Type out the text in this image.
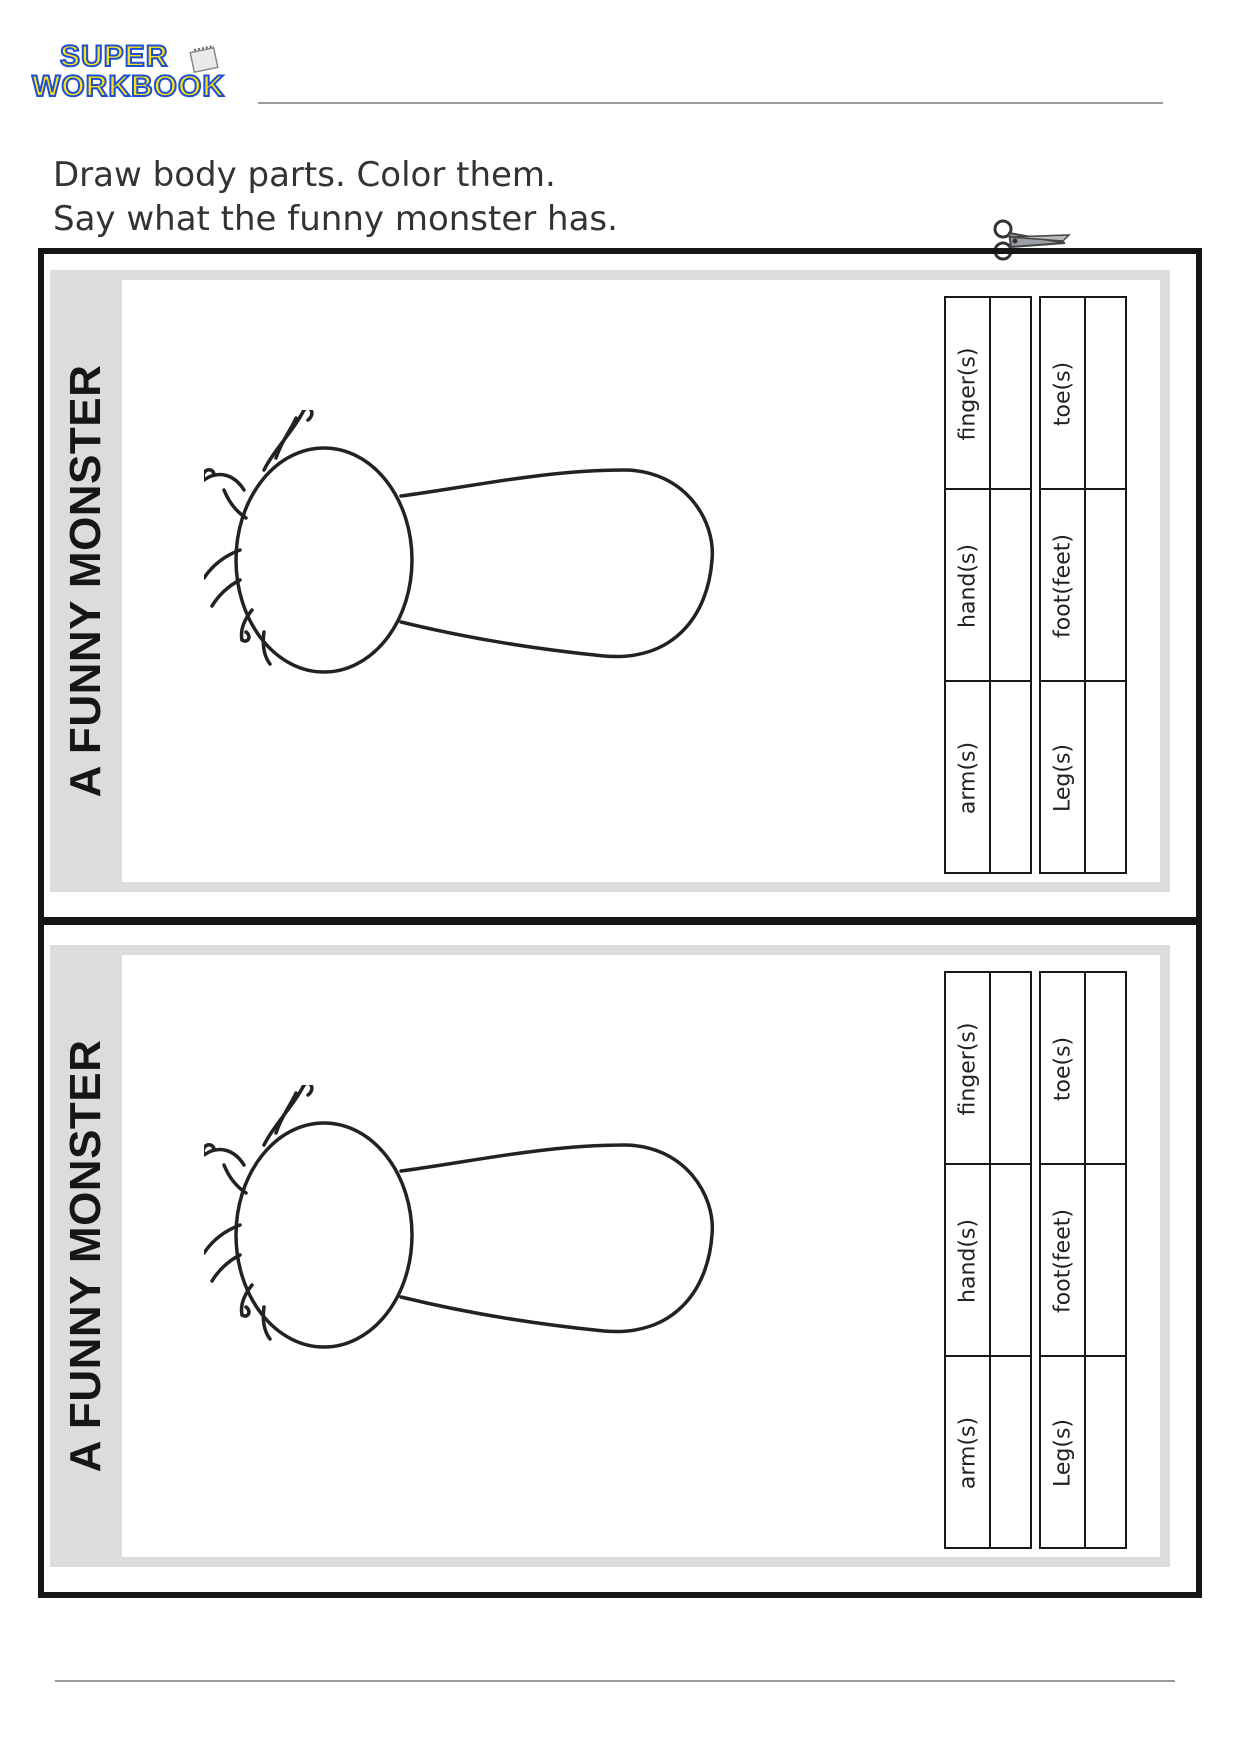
SUPER
WORKBOOK
Draw body parts. Color them.
Say what the funny monster has.
A FUNNY MONSTER	finger(s)
hand(s)
arm(s)
toe(s)
foot(feet)
Leg(s)
A FUNNY MONSTER	finger(s)
hand(s)
arm(s)
toe(s)
foot(feet)
Leg(s)
